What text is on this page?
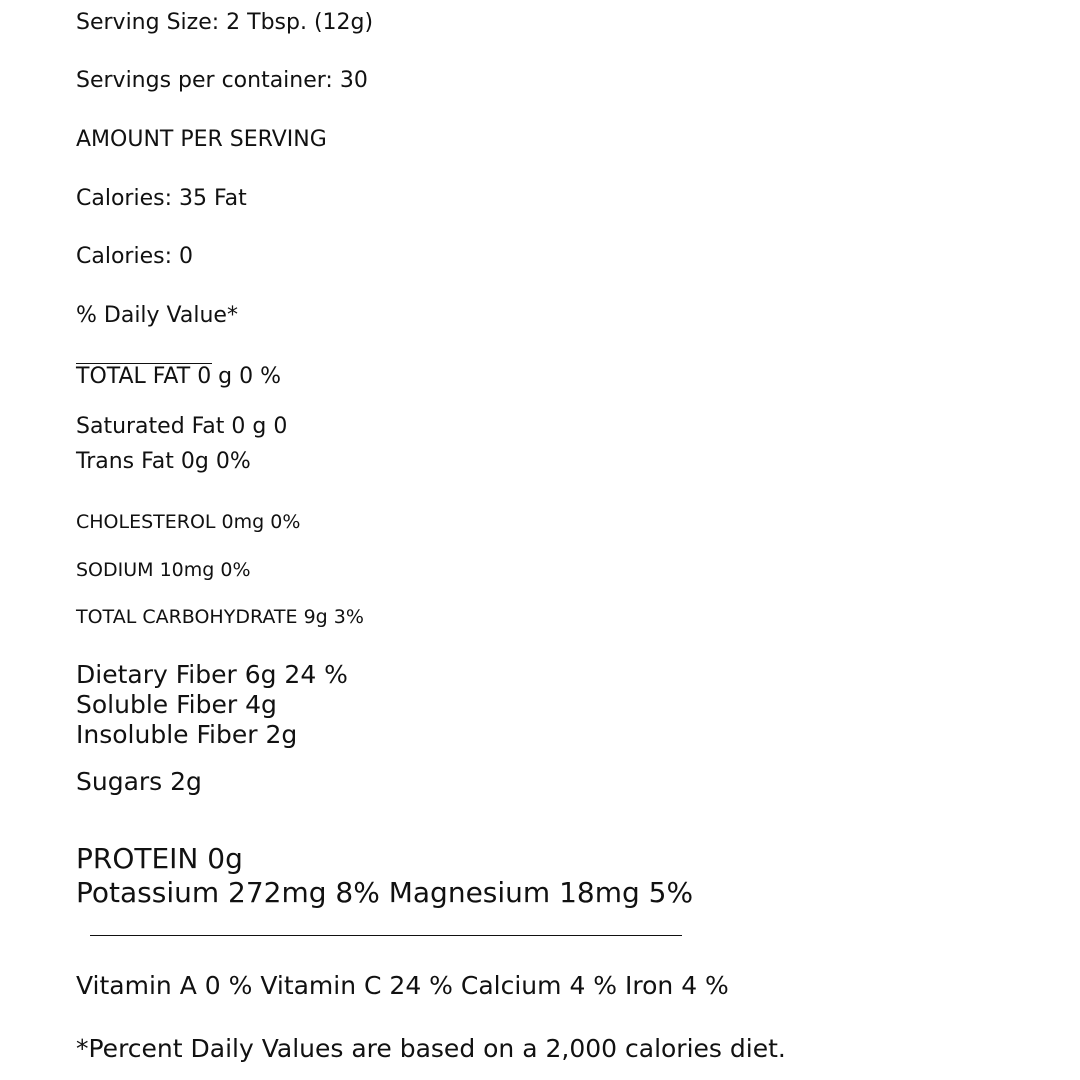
Serving Size: 2 Tbsp. (12g)

Servings per container: 30

AMOUNT PER SERVING

Calories: 35 Fat

Calories: 0

% Daily Value*

TOTAL FAT 0 g 0 %

Saturated Fat 0 g 0

Trans Fat 0g 0%

CHOLESTEROL 0mg 0%

SODIUM 10mg 0%

TOTAL CARBOHYDRATE 9g 3%

Dietary Fiber 6g 24 %

Soluble Fiber 4g

Insoluble Fiber 2g

Sugars 2g

PROTEIN 0g

Potassium 272mg 8% Magnesium 18mg 5%

Vitamin A 0 % Vitamin C 24 % Calcium 4 % Iron 4 %

*Percent Daily Values are based on a 2,000 calories diet.
